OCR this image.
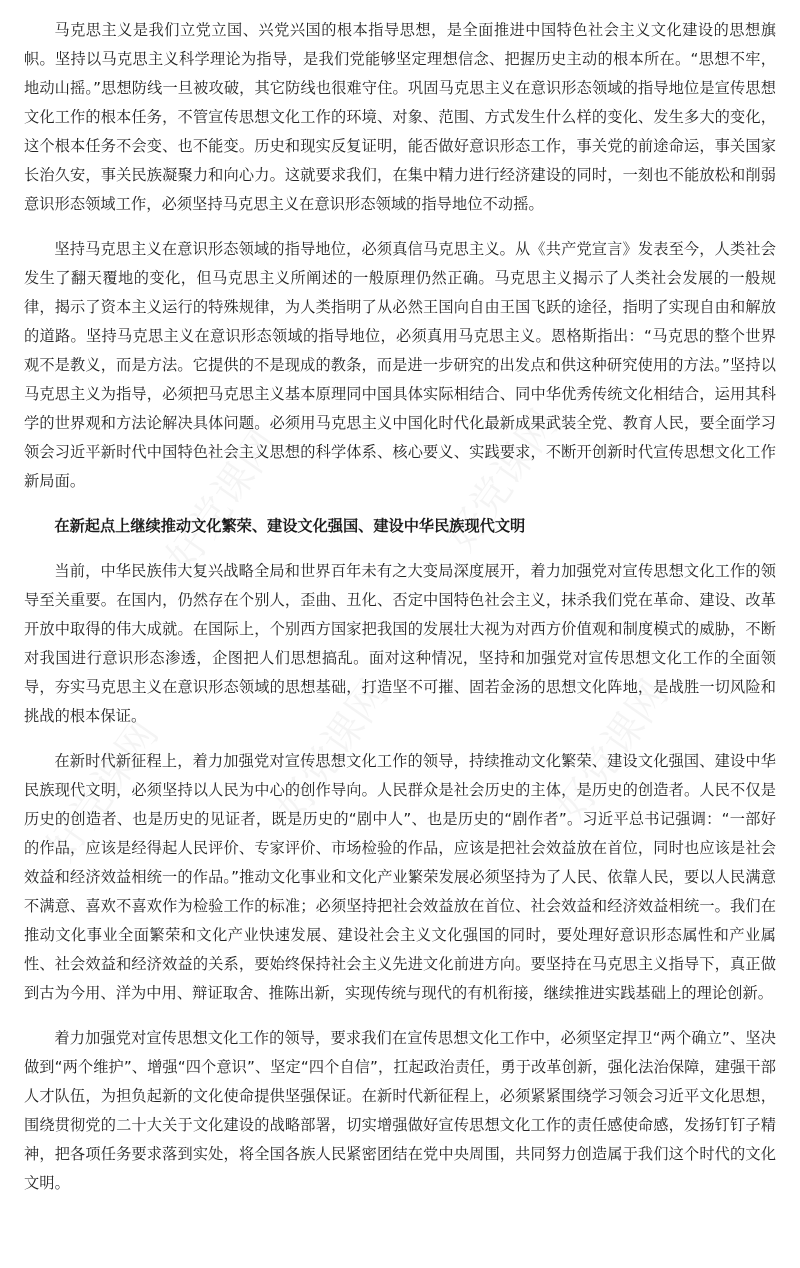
马克思主义是我们立党立国、兴党兴国的根本指导思想，是全面推进中国特色社会主义文化建设的思想旗帜。坚持以马克思主义科学理论为指导，是我们党能够坚定理想信念、把握历史主动的根本所在。“思想不牢，地动山摇。”思想防线一旦被攻破，其它防线也很难守住。巩固马克思主义在意识形态领域的指导地位是宣传思想文化工作的根本任务，不管宣传思想文化工作的环境、对象、范围、方式发生什么样的变化、发生多大的变化，这个根本任务不会变、也不能变。历史和现实反复证明，能否做好意识形态工作，事关党的前途命运，事关国家长治久安，事关民族凝聚力和向心力。这就要求我们，在集中精力进行经济建设的同时，一刻也不能放松和削弱意识形态领域工作，必须坚持马克思主义在意识形态领域的指导地位不动摇。

坚持马克思主义在意识形态领域的指导地位，必须真信马克思主义。从《共产党宣言》发表至今，人类社会发生了翻天覆地的变化，但马克思主义所阐述的一般原理仍然正确。马克思主义揭示了人类社会发展的一般规律，揭示了资本主义运行的特殊规律，为人类指明了从必然王国向自由王国飞跃的途径，指明了实现自由和解放的道路。坚持马克思主义在意识形态领域的指导地位，必须真用马克思主义。恩格斯指出：“马克思的整个世界观不是教义，而是方法。它提供的不是现成的教条，而是进一步研究的出发点和供这种研究使用的方法。”坚持以马克思主义为指导，必须把马克思主义基本原理同中国具体实际相结合、同中华优秀传统文化相结合，运用其科学的世界观和方法论解决具体问题。必须用马克思主义中国化时代化最新成果武装全党、教育人民，要全面学习领会习近平新时代中国特色社会主义思想的科学体系、核心要义、实践要求，不断开创新时代宣传思想文化工作新局面。

在新起点上继续推动文化繁荣、建设文化强国、建设中华民族现代文明

当前，中华民族伟大复兴战略全局和世界百年未有之大变局深度展开，着力加强党对宣传思想文化工作的领导至关重要。在国内，仍然存在个别人，歪曲、丑化、否定中国特色社会主义，抹杀我们党在革命、建设、改革开放中取得的伟大成就。在国际上，个别西方国家把我国的发展壮大视为对西方价值观和制度模式的威胁，不断对我国进行意识形态渗透，企图把人们思想搞乱。面对这种情况，坚持和加强党对宣传思想文化工作的全面领导，夯实马克思主义在意识形态领域的思想基础，打造坚不可摧、固若金汤的思想文化阵地，是战胜一切风险和挑战的根本保证。

在新时代新征程上，着力加强党对宣传思想文化工作的领导，持续推动文化繁荣、建设文化强国、建设中华民族现代文明，必须坚持以人民为中心的创作导向。人民群众是社会历史的主体，是历史的创造者。人民不仅是历史的创造者、也是历史的见证者，既是历史的“剧中人”、也是历史的“剧作者”。习近平总书记强调：“一部好的作品，应该是经得起人民评价、专家评价、市场检验的作品，应该是把社会效益放在首位，同时也应该是社会效益和经济效益相统一的作品。”推动文化事业和文化产业繁荣发展必须坚持为了人民、依靠人民，要以人民满意不满意、喜欢不喜欢作为检验工作的标准；必须坚持把社会效益放在首位、社会效益和经济效益相统一。我们在推动文化事业全面繁荣和文化产业快速发展、建设社会主义文化强国的同时，要处理好意识形态属性和产业属性、社会效益和经济效益的关系，要始终保持社会主义先进文化前进方向。要坚持在马克思主义指导下，真正做到古为今用、洋为中用、辩证取舍、推陈出新，实现传统与现代的有机衔接，继续推进实践基础上的理论创新。

着力加强党对宣传思想文化工作的领导，要求我们在宣传思想文化工作中，必须坚定捍卫“两个确立”、坚决做到“两个维护”、增强“四个意识”、坚定“四个自信”，扛起政治责任，勇于改革创新，强化法治保障，建强干部人才队伍，为担负起新的文化使命提供坚强保证。在新时代新征程上，必须紧紧围绕学习领会习近平文化思想，围绕贯彻党的二十大关于文化建设的战略部署，切实增强做好宣传思想文化工作的责任感使命感，发扬钉钉子精神，把各项任务要求落到实处，将全国各族人民紧密团结在党中央周围，共同努力创造属于我们这个时代的文化文明。
